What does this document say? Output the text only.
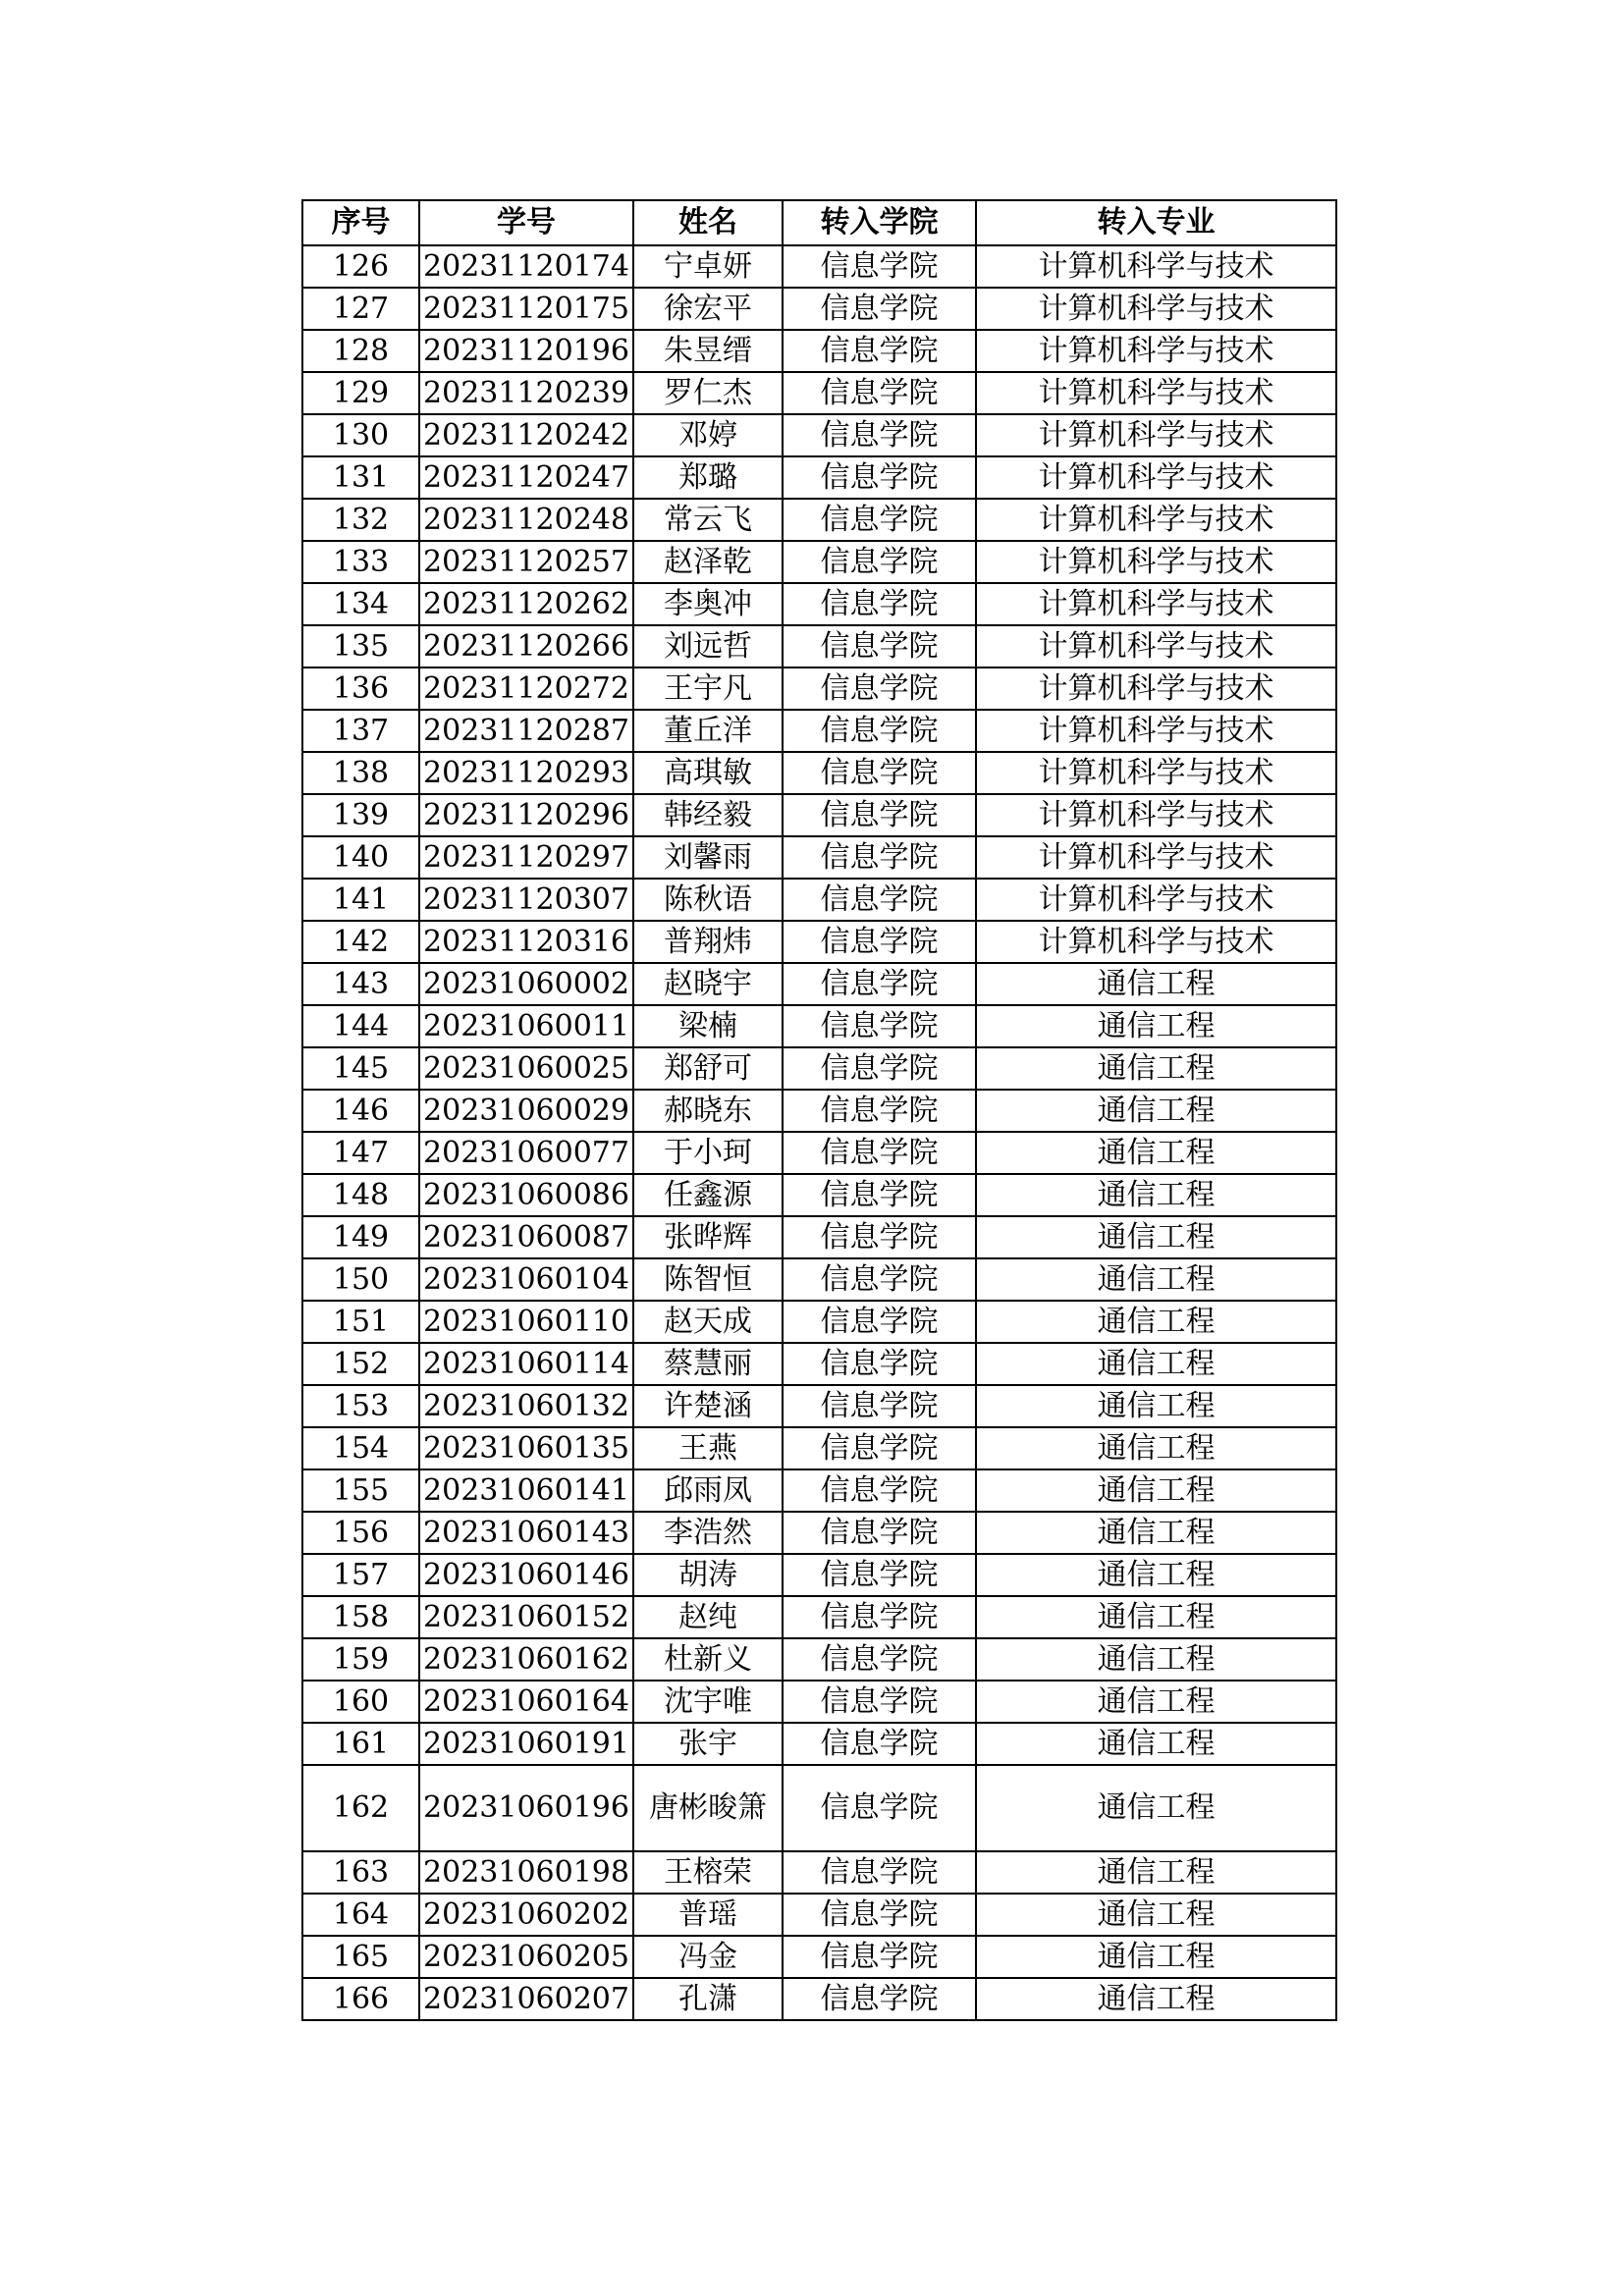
序号	学号	姓名	转入学院	转入专业
126	20231120174	宁卓妍	信息学院	计算机科学与技术
127	20231120175	徐宏平	信息学院	计算机科学与技术
128	20231120196	朱昱缙	信息学院	计算机科学与技术
129	20231120239	罗仁杰	信息学院	计算机科学与技术
130	20231120242	邓婷	信息学院	计算机科学与技术
131	20231120247	郑璐	信息学院	计算机科学与技术
132	20231120248	常云飞	信息学院	计算机科学与技术
133	20231120257	赵泽乾	信息学院	计算机科学与技术
134	20231120262	李奥冲	信息学院	计算机科学与技术
135	20231120266	刘远哲	信息学院	计算机科学与技术
136	20231120272	王宇凡	信息学院	计算机科学与技术
137	20231120287	董丘洋	信息学院	计算机科学与技术
138	20231120293	高琪敏	信息学院	计算机科学与技术
139	20231120296	韩经毅	信息学院	计算机科学与技术
140	20231120297	刘馨雨	信息学院	计算机科学与技术
141	20231120307	陈秋语	信息学院	计算机科学与技术
142	20231120316	普翔炜	信息学院	计算机科学与技术
143	20231060002	赵晓宇	信息学院	通信工程
144	20231060011	梁楠	信息学院	通信工程
145	20231060025	郑舒可	信息学院	通信工程
146	20231060029	郝晓东	信息学院	通信工程
147	20231060077	于小珂	信息学院	通信工程
148	20231060086	任鑫源	信息学院	通信工程
149	20231060087	张晔辉	信息学院	通信工程
150	20231060104	陈智恒	信息学院	通信工程
151	20231060110	赵天成	信息学院	通信工程
152	20231060114	蔡慧丽	信息学院	通信工程
153	20231060132	许楚涵	信息学院	通信工程
154	20231060135	王燕	信息学院	通信工程
155	20231060141	邱雨凤	信息学院	通信工程
156	20231060143	李浩然	信息学院	通信工程
157	20231060146	胡涛	信息学院	通信工程
158	20231060152	赵纯	信息学院	通信工程
159	20231060162	杜新义	信息学院	通信工程
160	20231060164	沈宇唯	信息学院	通信工程
161	20231060191	张宇	信息学院	通信工程
162	20231060196	唐彬晙箫	信息学院	通信工程
163	20231060198	王榕荣	信息学院	通信工程
164	20231060202	普瑶	信息学院	通信工程
165	20231060205	冯金	信息学院	通信工程
166	20231060207	孔潇	信息学院	通信工程
